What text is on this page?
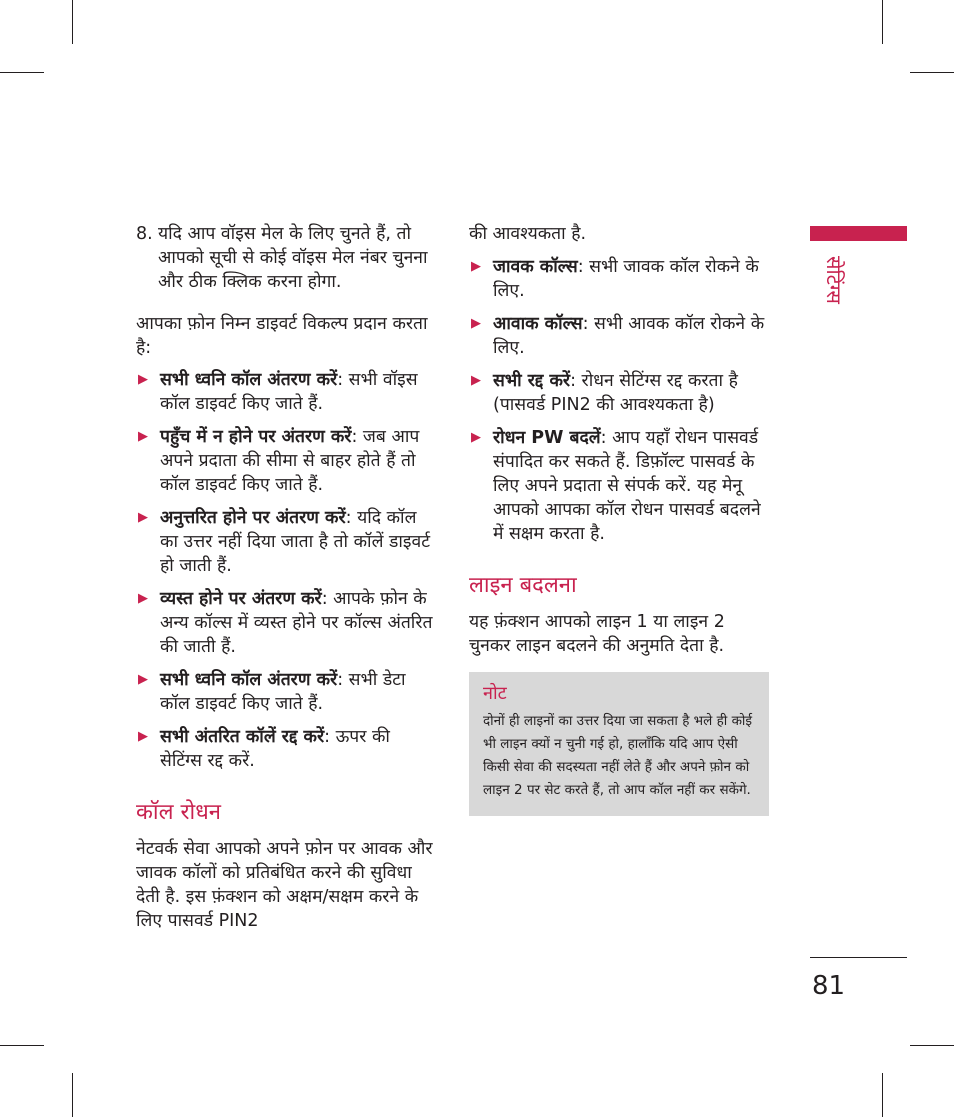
8. यदि आप वॉइस मेल के लिए चुनते हैं, तो आपको सूची से कोई वॉइस मेल नंबर चुनना और ठीक क्लिक करना होगा.

आपका फ़ोन निम्न डाइवर्ट विकल्प प्रदान करता है:

▶ सभी ध्वनि कॉल अंतरण करें: सभी वॉइस कॉल डाइवर्ट किए जाते हैं.
▶ पहुँच में न होने पर अंतरण करें: जब आप अपने प्रदाता की सीमा से बाहर होते हैं तो कॉल डाइवर्ट किए जाते हैं.
▶ अनुत्तरित होने पर अंतरण करें: यदि कॉल का उत्तर नहीं दिया जाता है तो कॉलें डाइवर्ट हो जाती हैं.
▶ व्यस्त होने पर अंतरण करें: आपके फ़ोन के अन्य कॉल्स में व्यस्त होने पर कॉल्स अंतरित की जाती हैं.
▶ सभी ध्वनि कॉल अंतरण करें: सभी डेटा कॉल डाइवर्ट किए जाते हैं.
▶ सभी अंतरित कॉलें रद्द करें: ऊपर की सेटिंग्स रद्द करें.
कॉल रोधन

नेटवर्क सेवा आपको अपने फ़ोन पर आवक और जावक कॉलों को प्रतिबंधित करने की सुविधा देती है. इस फ़ंक्शन को अक्षम/सक्षम करने के लिए पासवर्ड PIN2

की आवश्यकता है.

▶ जावक कॉल्स: सभी जावक कॉल रोकने के लिए.
▶ आवाक कॉल्स: सभी आवक कॉल रोकने के लिए.
▶ सभी रद्द करें: रोधन सेटिंग्स रद्द करता है (पासवर्ड PIN2 की आवश्यकता है)
▶ रोधन PW बदलें: आप यहाँ रोधन पासवर्ड संपादित कर सकते हैं. डिफ़ॉल्ट पासवर्ड के लिए अपने प्रदाता से संपर्क करें. यह मेनू आपको आपका कॉल रोधन पासवर्ड बदलने में सक्षम करता है.
लाइन बदलना

यह फ़ंक्शन आपको लाइन 1 या लाइन 2 चुनकर लाइन बदलने की अनुमति देता है.

नोट
दोनों ही लाइनों का उत्तर दिया जा सकता है भले ही कोई भी लाइन क्यों न चुनी गई हो, हालाँकि यदि आप ऐसी किसी सेवा की सदस्यता नहीं लेते हैं और अपने फ़ोन को लाइन 2 पर सेट करते हैं, तो आप कॉल नहीं कर सकेंगे.
सेटिंग्स
81
